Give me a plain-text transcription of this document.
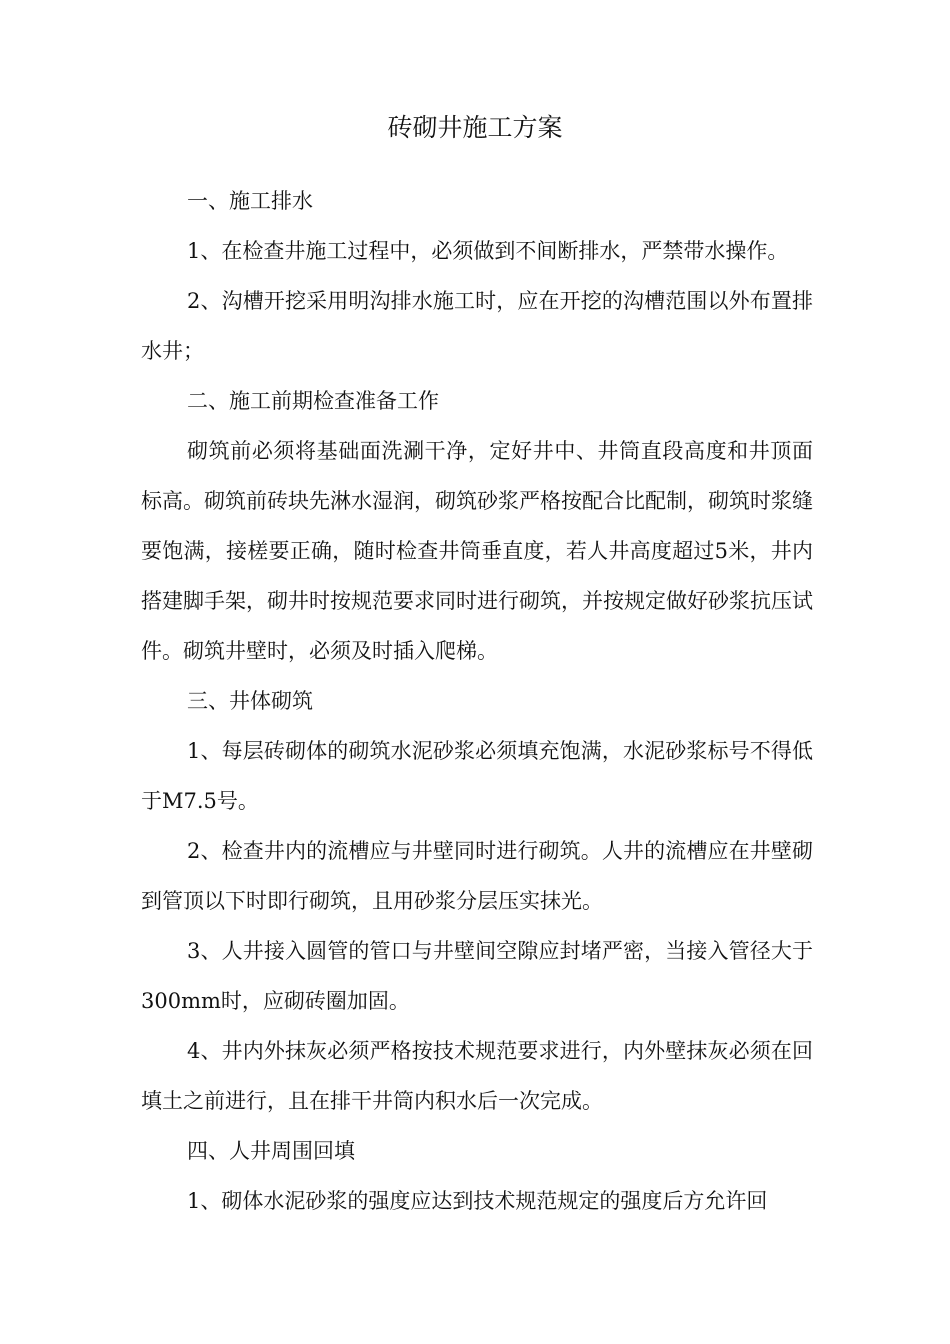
砖砌井施工方案

一、施工排水

1、在检查井施工过程中，必须做到不间断排水，严禁带水操作。

2、沟槽开挖采用明沟排水施工时，应在开挖的沟槽范围以外布置排水井；

二、施工前期检查准备工作

砌筑前必须将基础面洗涮干净，定好井中、井筒直段高度和井顶面标高。砌筑前砖块先淋水湿润，砌筑砂浆严格按配合比配制，砌筑时浆缝要饱满，接槎要正确，随时检查井筒垂直度，若人井高度超过5米，井内搭建脚手架，砌井时按规范要求同时进行砌筑，并按规定做好砂浆抗压试件。砌筑井壁时，必须及时插入爬梯。

三、井体砌筑

1、每层砖砌体的砌筑水泥砂浆必须填充饱满，水泥砂浆标号不得低于M7.5号。

2、检查井内的流槽应与井壁同时进行砌筑。人井的流槽应在井壁砌到管顶以下时即行砌筑，且用砂浆分层压实抹光。

3、人井接入圆管的管口与井壁间空隙应封堵严密，当接入管径大于300mm时，应砌砖圈加固。

4、井内外抹灰必须严格按技术规范要求进行，内外壁抹灰必须在回填土之前进行，且在排干井筒内积水后一次完成。

四、人井周围回填

1、砌体水泥砂浆的强度应达到技术规范规定的强度后方允许回
